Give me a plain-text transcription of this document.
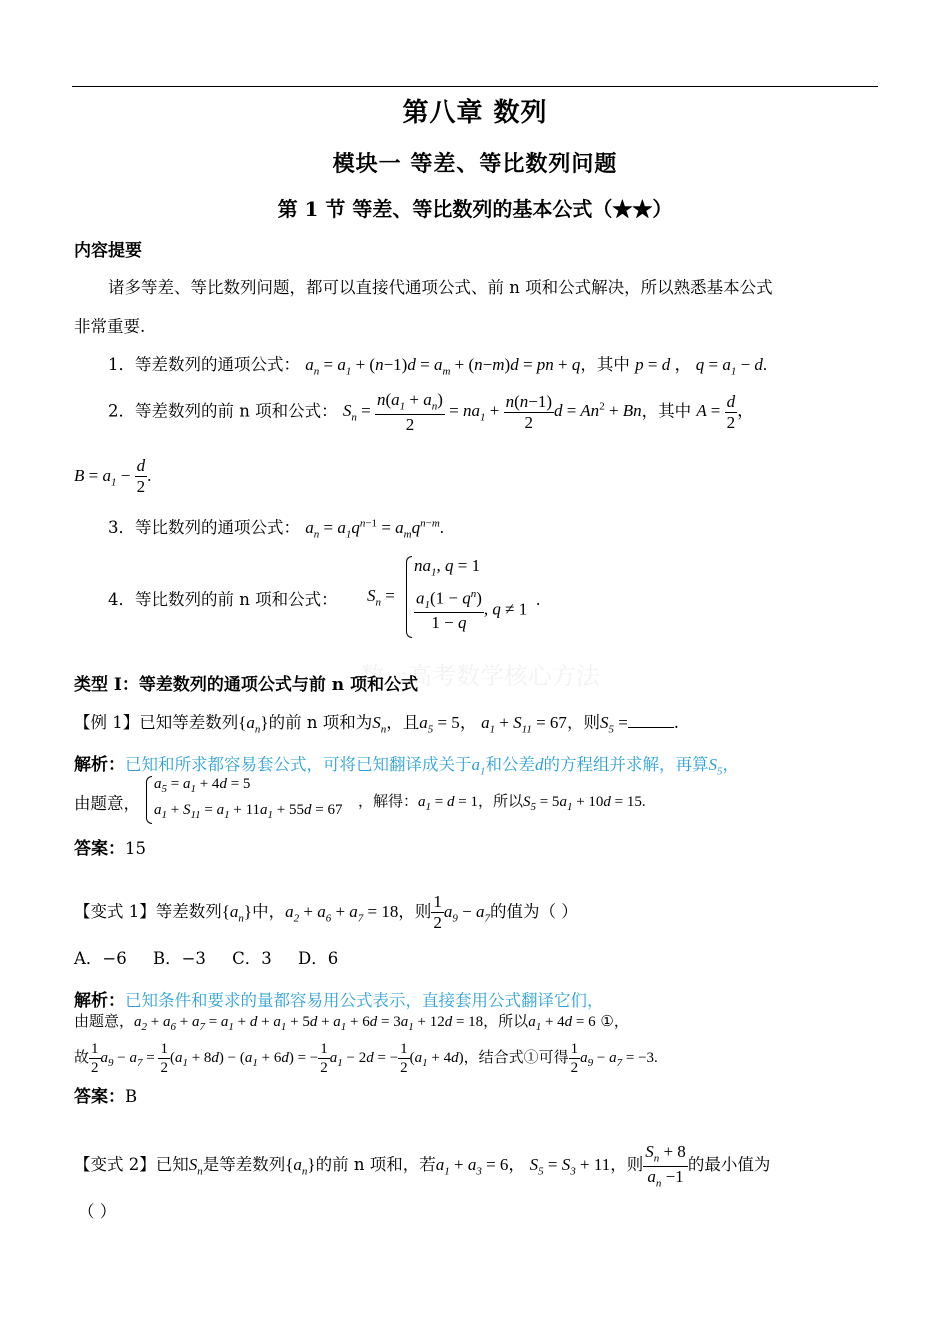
第八章 数列
模块一 等差、等比数列问题
第 1 节 等差、等比数列的基本公式（★★）
内容提要
诸多等差、等比数列问题，都可以直接代通项公式、前 n 项和公式解决，所以熟悉基本公式
非常重要.
1．等差数列的通项公式： $a_n = a_1 + (n-1)d = a_m + (n-m)d$ = pn + q，其中 p = d ， $q = a_1 - d$.
2．等差数列的前 n 项和公式： $S_n = \frac{n(a_1 + a_n)}{2} = na_1 + \frac{n(n-1)}{2}$ $d = An^2 + Bn$，其中 $A = \frac{d}{2}$ ，
$B = a_1 - \frac{d}{2}$ .
3．等比数列的通项公式： $a_n = a_1q^{n-1} = a_mq^{n-m}$.
4．等比数列的前 n 项和公式： $S_n$ =
$na_1$, q = 1
$\frac{a_1(1 - q^n)}{1 - q}$ , q ≠ 1
.
数一高考数学核心方法
类型 I：等差数列的通项公式与前 n 项和公式
【例 1】已知等差数列$\{a_n\}$的前 n 项和为$S_n$，且$a_5 = 5$， $a_1 + S_{11} = 67$，则$S_5$ =	.
解析：已知和所求都容易套公式，可将已知翻译成关于$a_1$和公差d的方程组并求解，再算$S_5$，
由题意，
$a_5 = a_1 + 4d = 5$
$a_1 + S_{11} = a_1 + 11a_1 + 55d = 67$ ，解得：$a_1 = d = 1$，所以$S_5 = 5a_1 + 10d = 15$.
答案：15
【变式 1】等差数列$\{a_n\}$中，$a_2 + a_6 + a_7 = 18$，则 $\frac{1}{2} a_9 - a_7$的值为（ ）
A．−6 B．−3 C．3 D．6
解析：已知条件和要求的量都容易用公式表示，直接套用公式翻译它们，
由题意，$a_2 + a_6 + a_7 = a_1 + d + a_1 + 5d + a_1 + 6d = 3a_1 + 12d = 18$，所以$a_1 + 4d = 6$ ①，
故 $\frac{1}{2} a_9 - a_7 = \frac{1}{2} (a_1 + 8d) - (a_1 + 6d)$ = − $\frac{1}{2} a_1 - 2d$ = − $\frac{1}{2} (a_1 + 4d)$，结合式①可得 $\frac{1}{2} a_9 - a_7 = -3$.
答案：B
【变式 2】已知$S_n$是等差数列$\{a_n\}$的前 n 项和，若$a_1 + a_3 = 6$， $S_5 = S_3 + 11$，则 $\frac{S_n + 8}{a_n -1}$ 的最小值为
（ ）
